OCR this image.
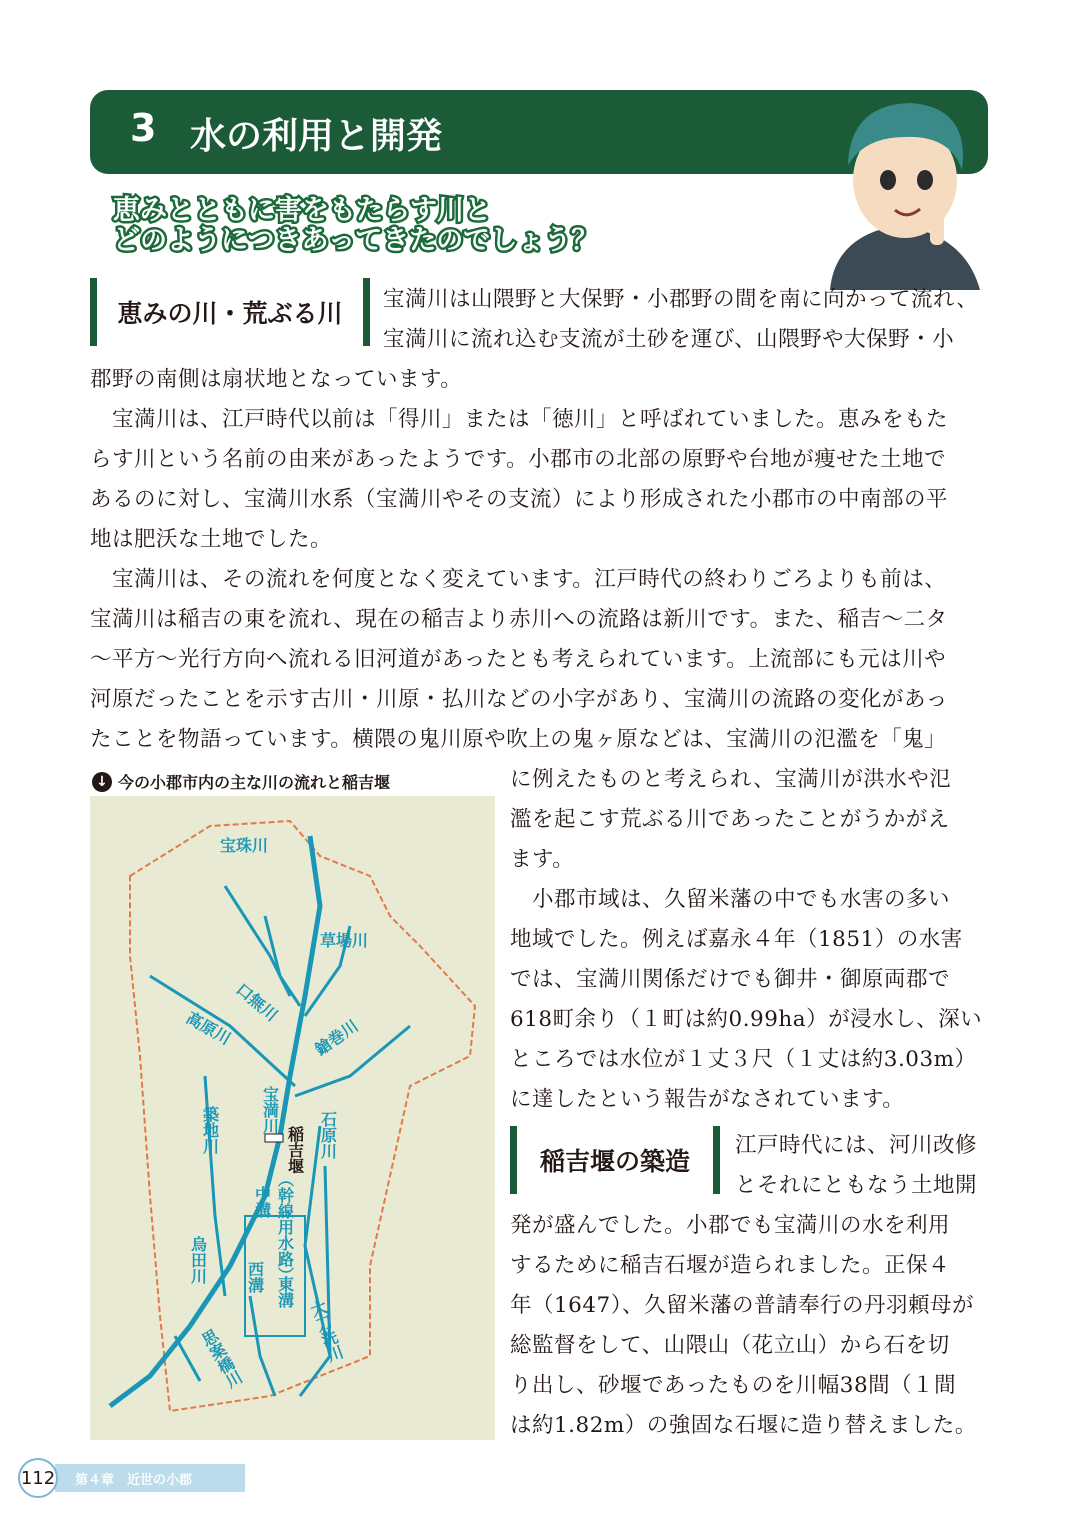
3 水の利用と開発
恵みとともに害をもたらす川と
どのようにつきあってきたのでしょう？
恵みの川・荒ぶる川	宝満川は山隈野と大保野・小郡野の間を南に向かって流れ、

宝満川に流れ込む支流が土砂を運び、山隈野や大保野・小

郡野の南側は扇状地となっています。

　宝満川は、江戸時代以前は「得川」または「徳川」と呼ばれていました。恵みをもた

らす川という名前の由来があったようです。小郡市の北部の原野や台地が痩せた土地で

あるのに対し、宝満川水系（宝満川やその支流）により形成された小郡市の中南部の平

地は肥沃な土地でした。

　宝満川は、その流れを何度となく変えています。江戸時代の終わりごろよりも前は、

宝満川は稲吉の東を流れ、現在の稲吉より赤川への流路は新川です。また、稲吉〜二タ

〜平方〜光行方向へ流れる旧河道があったとも考えられています。上流部にも元は川や

河原だったことを示す古川・川原・払川などの小字があり、宝満川の流路の変化があっ

たことを物語っています。横隈の鬼川原や吹上の鬼ヶ原などは、宝満川の氾濫を「鬼」

↓ 今の小郡市内の主な川の流れと稲吉堰
宝珠川
草場川
口無川
高原川	鎗巻川
宝満川
築地川	稲吉堰 石原川
中溝 （幹線用水路）
西溝 東溝
烏田川
大刀洗川
思案橋川

に例えたものと考えられ、宝満川が洪水や氾

濫を起こす荒ぶる川であったことがうかがえ

ます。

　小郡市域は、久留米藩の中でも水害の多い

地域でした。例えば嘉永４年（1851）の水害

では、宝満川関係だけでも御井・御原両郡で

618町余り（１町は約0.99ha）が浸水し、深い

ところでは水位が１丈３尺（１丈は約3.03m）

に達したという報告がなされています。

稲吉堰の築造

江戸時代には、河川改修

とそれにともなう土地開

発が盛んでした。小郡でも宝満川の水を利用

するために稲吉石堰が造られました。正保４

年（1647）、久留米藩の普請奉行の丹羽頼母が

総監督をして、山隈山（花立山）から石を切

り出し、砂堰であったものを川幅38間（１間

は約1.82m）の強固な石堰に造り替えました。

112 第４章　近世の小郡
